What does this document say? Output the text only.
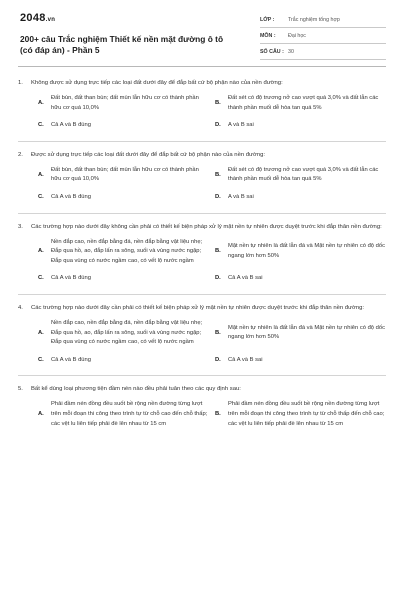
2048.vn
200+ câu Trắc nghiệm Thiết kế nền mặt đường ô tô (có đáp án) - Phần 5
LỚP :	Trắc nghiệm tổng hợp
MÔN :	Đại học
SỐ CÂU : 30
1.	Không được sử dụng trực tiếp các loại đất dưới đây để đắp bất cứ bộ phận nào của nền đường:
A.
Đất bùn, đất than bùn; đất mùn lẫn hữu cơ có thành phần hữu cơ quá 10,0%
B.
Đất sét có độ trương nở cao vượt quá 3,0% và đất lẫn các thành phần muối dễ hòa tan quá 5%
C.	Cả A và B đúng	D.	A và B sai
2.	Được sử dụng trực tiếp các loại đất dưới đây để đắp bất cứ bộ phận nào của nền đường:
A.
Đất bùn, đất than bùn; đất mùn lẫn hữu cơ có thành phần hữu cơ quá 10,0%
B.
Đất sét có độ trương nở cao vượt quá 3,0% và đất lẫn các thành phần muối dễ hòa tan quá 5%
C.	Cả A và B đúng	D.	A và B sai
3.	Các trường hợp nào dưới đây không cần phải có thiết kế biện pháp xử lý mặt nền tự nhiên được duyệt trước khi đắp thân nền đường:
A.
Nền đắp cao, nền đắp bằng đá, nền đắp bằng vật liệu nhẹ; Đắp qua hồ, ao, đắp lấn ra sông, suối và vùng nước ngập; Đắp qua vùng có nước ngầm cao, có vết lộ nước ngầm
B.
Mặt nền tự nhiên là đất lẫn đá và Mặt nền tự nhiên có độ dốc ngang lớn hơn 50%
C.	Cả A và B đúng	D.	Cả A và B sai
4.	Các trường hợp nào dưới đây cần phải có thiết kế biện pháp xử lý mặt nền tự nhiên được duyệt trước khi đắp thân nền đường:
A.
Nền đắp cao, nền đắp bằng đá, nền đắp bằng vật liệu nhẹ; Đắp qua hồ, ao, đắp lấn ra sông, suối và vùng nước ngập; Đắp qua vùng có nước ngầm cao, có vết lộ nước ngầm
B.
Mặt nền tự nhiên là đất lẫn đá và Mặt nền tự nhiên có độ dốc ngang lớn hơn 50%
C.	Cả A và B đúng	D.	Cả A và B sai
5.	Bất kể dùng loại phương tiện đầm nén nào đều phải tuân theo các quy định sau:
A.
Phải đầm nén đồng đều suốt bề rộng nền đường từng lượt trên mỗi đoạn thi công theo trình tự từ chỗ cao đến chỗ thấp; các vệt lu liên tiếp phải đè lên nhau từ 15 cm
B.
Phải đầm nén đồng đều suốt bề rộng nền đường từng lượt trên mỗi đoạn thi công theo trình tự từ chỗ thấp đến chỗ cao; các vệt lu liên tiếp phải đè lên nhau từ 15 cm
